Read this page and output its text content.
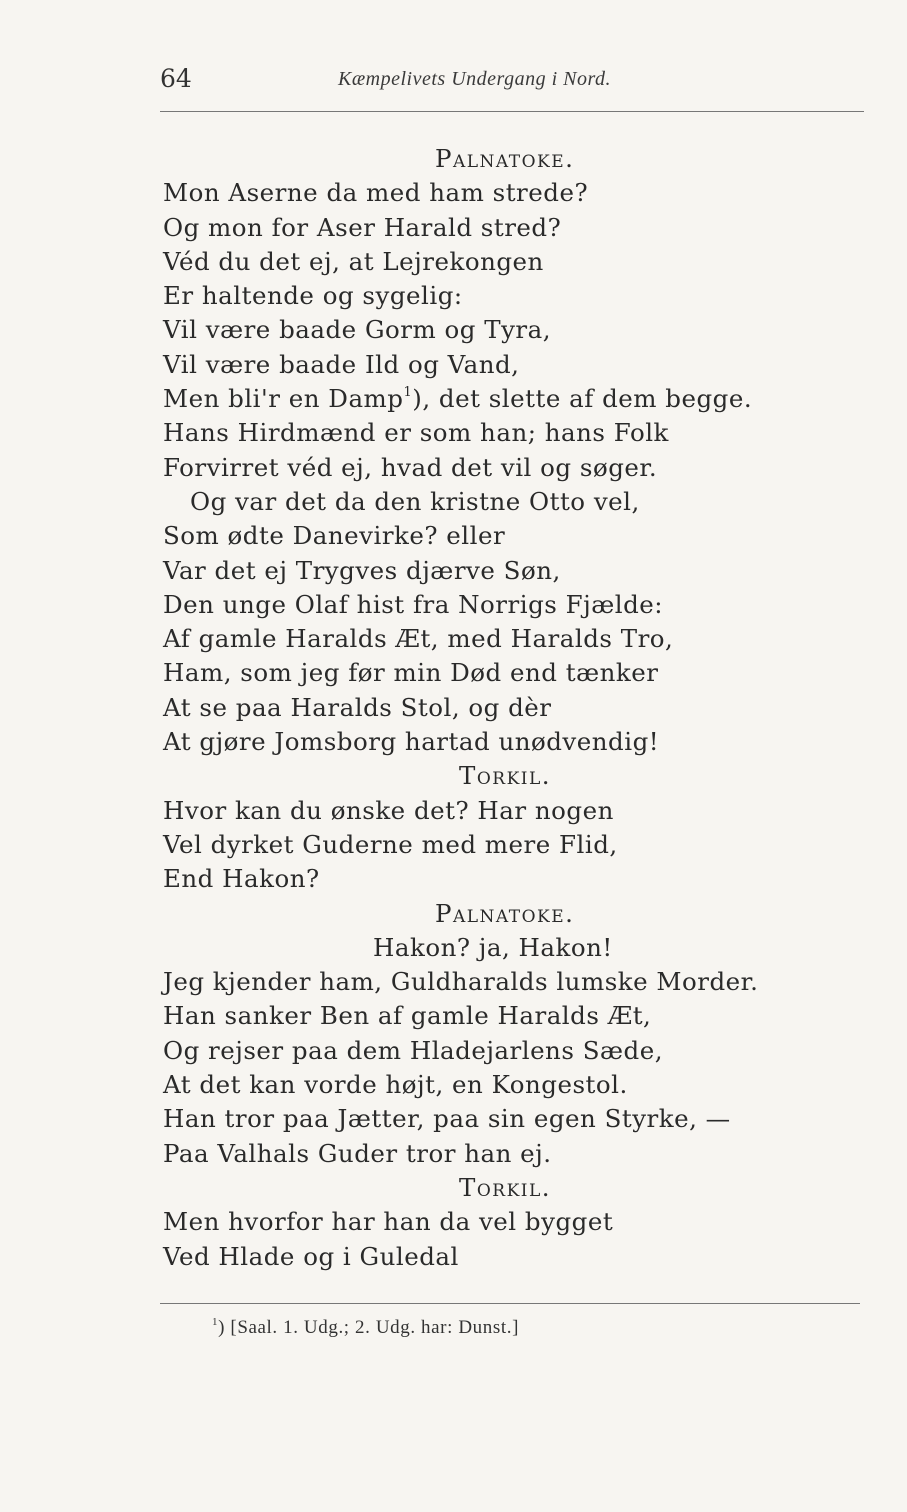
64	Kæmpelivets Undergang i Nord.
Palnatoke.
Mon Aserne da med ham strede?
Og mon for Aser Harald stred?
Véd du det ej, at Lejrekongen
Er haltende og sygelig:
Vil være baade Gorm og Tyra,
Vil være baade Ild og Vand,
Men bli'r en Damp$^1$), det slette af dem begge.
Hans Hirdmænd er som han; hans Folk
Forvirret véd ej, hvad det vil og søger.
Og var det da den kristne Otto vel,
Som ødte Danevirke? eller
Var det ej Trygves djærve Søn,
Den unge Olaf hist fra Norrigs Fjælde:
Af gamle Haralds Æt, med Haralds Tro,
Ham, som jeg før min Død end tænker
At se paa Haralds Stol, og dèr
At gjøre Jomsborg hartad unødvendig!
Torkil.
Hvor kan du ønske det? Har nogen
Vel dyrket Guderne med mere Flid,
End Hakon?
Palnatoke.
Hakon? ja, Hakon!
Jeg kjender ham, Guldharalds lumske Morder.
Han sanker Ben af gamle Haralds Æt,
Og rejser paa dem Hladejarlens Sæde,
At det kan vorde højt, en Kongestol.
Han tror paa Jætter, paa sin egen Styrke, —
Paa Valhals Guder tror han ej.
Torkil.
Men hvorfor har han da vel bygget
Ved Hlade og i Guledal
$^1$) [Saal. 1. Udg.; 2. Udg. har: Dunst.]
